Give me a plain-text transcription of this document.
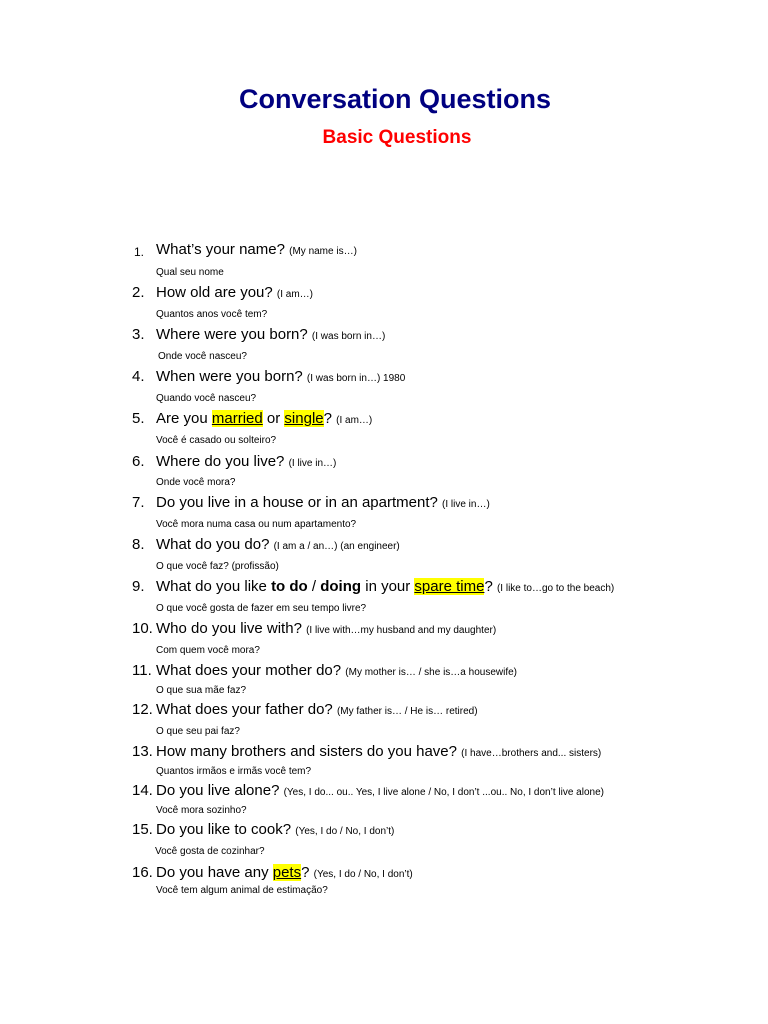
Conversation Questions
Basic Questions
1. What’s your name? (My name is…)
Qual seu nome
2. How old are you? (I am…)
Quantos anos você tem?
3. Where were you born? (I was born in…)
Onde você nasceu?
4. When were you born? (I was born in…) 1980
Quando você nasceu?
5. Are you married or single? (I am…)
Você é casado ou solteiro?
6. Where do you live? (I live in…)
Onde você mora?
7. Do you live in a house or in an apartment? (I live in…)
Você mora numa casa ou num apartamento?
8. What do you do? (I am a / an…) (an engineer)
O que você faz? (profissão)
9. What do you like to do / doing in your spare time? (I like to…go to the beach)
O que você gosta de fazer em seu tempo livre?
10. Who do you live with? (I live with…my husband and my daughter)
Com quem você mora?
11. What does your mother do? (My mother is… / she is…a housewife)
O que sua mãe faz?
12. What does your father do? (My father is… / He is… retired)
O que seu pai faz?
13. How many brothers and sisters do you have? (I have…brothers and... sisters)
Quantos irmãos e irmãs você tem?
14. Do you live alone? (Yes, I do... ou.. Yes, I live alone / No, I don’t ...ou.. No, I don’t live alone)
Você mora sozinho?
15. Do you like to cook? (Yes, I do / No, I don’t)
Você gosta de cozinhar?
16. Do you have any pets? (Yes, I do / No, I don’t)
Você tem algum animal de estimação?
